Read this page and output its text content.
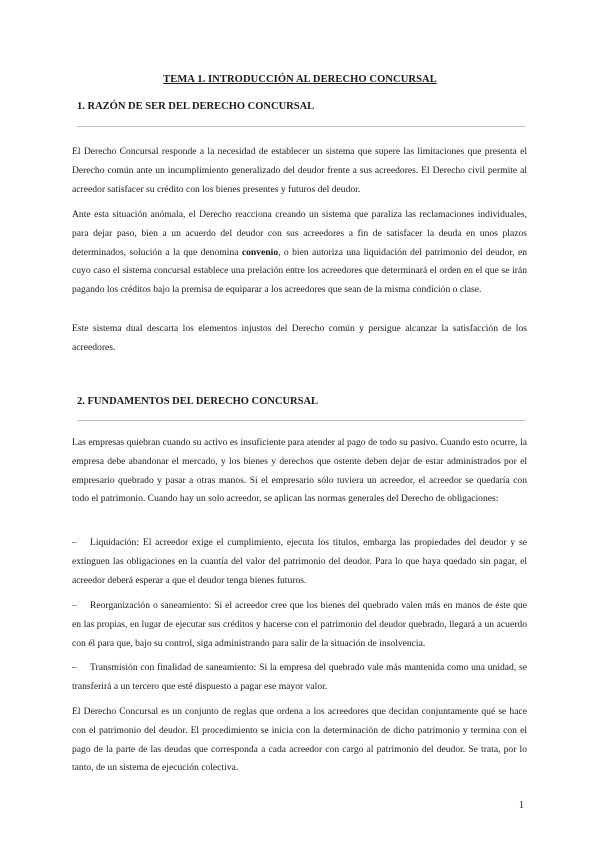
TEMA 1. INTRODUCCIÓN AL DERECHO CONCURSAL
1. RAZÓN DE SER DEL DERECHO CONCURSAL

El Derecho Concursal responde a la necesidad de establecer un sistema que supere las limitaciones que presenta el Derecho común ante un incumplimiento generalizado del deudor frente a sus acreedores. El Derecho civil permite al acreedor satisfacer su crédito con los bienes presentes y futuros del deudor.

Ante esta situación anómala, el Derecho reacciona creando un sistema que paraliza las reclamaciones individuales, para dejar paso, bien a un acuerdo del deudor con sus acreedores a fin de satisfacer la deuda en unos plazos determinados, solución a la que denomina convenio, o bien autoriza una liquidación del patrimonio del deudor, en cuyo caso el sistema concursal establece una prelación entre los acreedores que determinará el orden en el que se irán pagando los créditos bajo la premisa de equiparar a los acreedores que sean de la misma condición o clase.

Este sistema dual descarta los elementos injustos del Derecho común y persigue alcanzar la satisfacción de los acreedores.

2. FUNDAMENTOS DEL DERECHO CONCURSAL

Las empresas quiebran cuando su activo es insuficiente para atender al pago de todo su pasivo. Cuando esto ocurre, la empresa debe abandonar el mercado, y los bienes y derechos que ostente deben dejar de estar administrados por el empresario quebrado y pasar a otras manos. Si el empresario sólo tuviera un acreedor, el acreedor se quedaría con todo el patrimonio. Cuando hay un solo acreedor, se aplican las normas generales del Derecho de obligaciones:

– Liquidación: El acreedor exige el cumplimiento, ejecuta los títulos, embarga las propiedades del deudor y se extinguen las obligaciones en la cuantía del valor del patrimonio del deudor. Para lo que haya quedado sin pagar, el acreedor deberá esperar a que el deudor tenga bienes futuros.

– Reorganización o saneamiento: Si el acreedor cree que los bienes del quebrado valen más en manos de éste que en las propias, en lugar de ejecutar sus créditos y hacerse con el patrimonio del deudor quebrado, llegará a un acuerdo con él para que, bajo su control, siga administrando para salir de la situación de insolvencia.

– Transmisión con finalidad de saneamiento: Si la empresa del quebrado vale más mantenida como una unidad, se transferirá a un tercero que esté dispuesto a pagar ese mayor valor.

El Derecho Concursal es un conjunto de reglas que ordena a los acreedores que decidan conjuntamente qué se hace con el patrimonio del deudor. El procedimiento se inicia con la determinación de dicho patrimonio y termina con el pago de la parte de las deudas que corresponda a cada acreedor con cargo al patrimonio del deudor. Se trata, por lo tanto, de un sistema de ejecución colectiva.

1
